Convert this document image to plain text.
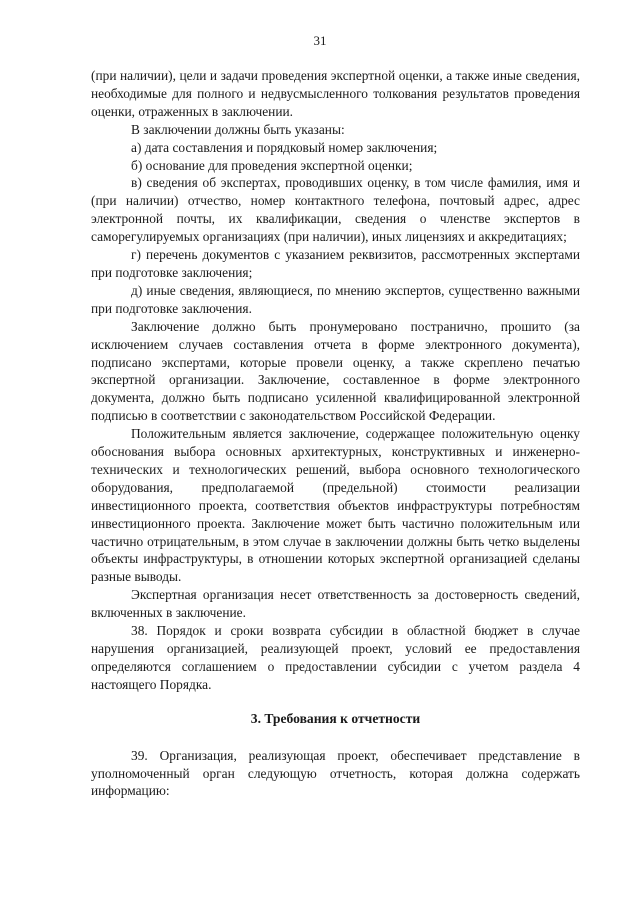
31

(при наличии), цели и задачи проведения экспертной оценки, а также иные сведения, необходимые для полного и недвусмысленного толкования результатов проведения оценки, отраженных в заключении.

В заключении должны быть указаны:

а) дата составления и порядковый номер заключения;

б) основание для проведения экспертной оценки;

в) сведения об экспертах, проводивших оценку, в том числе фамилия, имя и (при наличии) отчество, номер контактного телефона, почтовый адрес, адрес электронной почты, их квалификации, сведения о членстве экспертов в саморегулируемых организациях (при наличии), иных лицензиях и аккредитациях;

г) перечень документов с указанием реквизитов, рассмотренных экспертами при подготовке заключения;

д) иные сведения, являющиеся, по мнению экспертов, существенно важными при подготовке заключения.

Заключение должно быть пронумеровано постранично, прошито (за исключением случаев составления отчета в форме электронного документа), подписано экспертами, которые провели оценку, а также скреплено печатью экспертной организации. Заключение, составленное в форме электронного документа, должно быть подписано усиленной квалифицированной электронной подписью в соответствии с законодательством Российской Федерации.

Положительным является заключение, содержащее положительную оценку обоснования выбора основных архитектурных, конструктивных и инженерно-технических и технологических решений, выбора основного технологического оборудования, предполагаемой (предельной) стоимости реализации инвестиционного проекта, соответствия объектов инфраструктуры потребностям инвестиционного проекта. Заключение может быть частично положительным или частично отрицательным, в этом случае в заключении должны быть четко выделены объекты инфраструктуры, в отношении которых экспертной организацией сделаны разные выводы.

Экспертная организация несет ответственность за достоверность сведений, включенных в заключение.

38. Порядок и сроки возврата субсидии в областной бюджет в случае нарушения организацией, реализующей проект, условий ее предоставления определяются соглашением о предоставлении субсидии с учетом раздела 4 настоящего Порядка.

3. Требования к отчетности

39. Организация, реализующая проект, обеспечивает представление в уполномоченный орган следующую отчетность, которая должна содержать информацию:
